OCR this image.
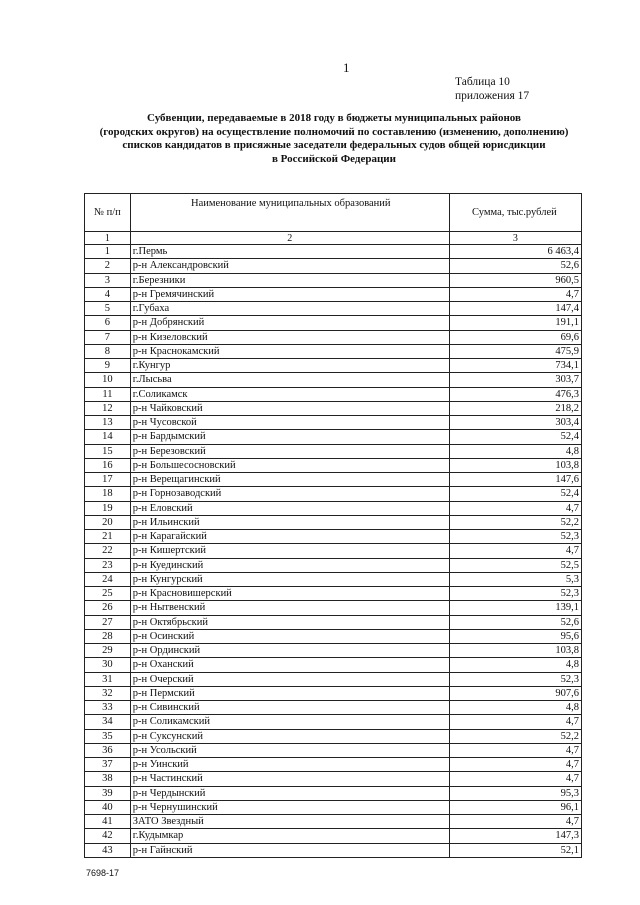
1
Таблица 10
приложения 17
Субвенции, передаваемые в 2018 году в бюджеты муниципальных районов
(городских округов) на осуществление полномочий по составлению (изменению, дополнению)
списков кандидатов в присяжные заседатели федеральных судов общей юрисдикции
в Российской Федерации
№ п/п	Наименование муниципальных образований	Сумма, тыс.рублей
1	2	3
1	г.Пермь	6 463,4
2	р-н Александровский	52,6
3	г.Березники	960,5
4	р-н Гремячинский	4,7
5	г.Губаха	147,4
6	р-н Добрянский	191,1
7	р-н Кизеловский	69,6
8	р-н Краснокамский	475,9
9	г.Кунгур	734,1
10	г.Лысьва	303,7
11	г.Соликамск	476,3
12	р-н Чайковский	218,2
13	р-н Чусовской	303,4
14	р-н Бардымский	52,4
15	р-н Березовский	4,8
16	р-н Большесосновский	103,8
17	р-н Верещагинский	147,6
18	р-н Горнозаводский	52,4
19	р-н Еловский	4,7
20	р-н Ильинский	52,2
21	р-н Карагайский	52,3
22	р-н Кишертский	4,7
23	р-н Куединский	52,5
24	р-н Кунгурский	5,3
25	р-н Красновишерский	52,3
26	р-н Нытвенский	139,1
27	р-н Октябрьский	52,6
28	р-н Осинский	95,6
29	р-н Ординский	103,8
30	р-н Оханский	4,8
31	р-н Очерский	52,3
32	р-н Пермский	907,6
33	р-н Сивинский	4,8
34	р-н Соликамский	4,7
35	р-н Суксунский	52,2
36	р-н Усольский	4,7
37	р-н Уинский	4,7
38	р-н Частинский	4,7
39	р-н Чердынский	95,3
40	р-н Чернушинский	96,1
41	ЗАТО Звездный	4,7
42	г.Кудымкар	147,3
43	р-н Гайнский	52,1
7698-17
